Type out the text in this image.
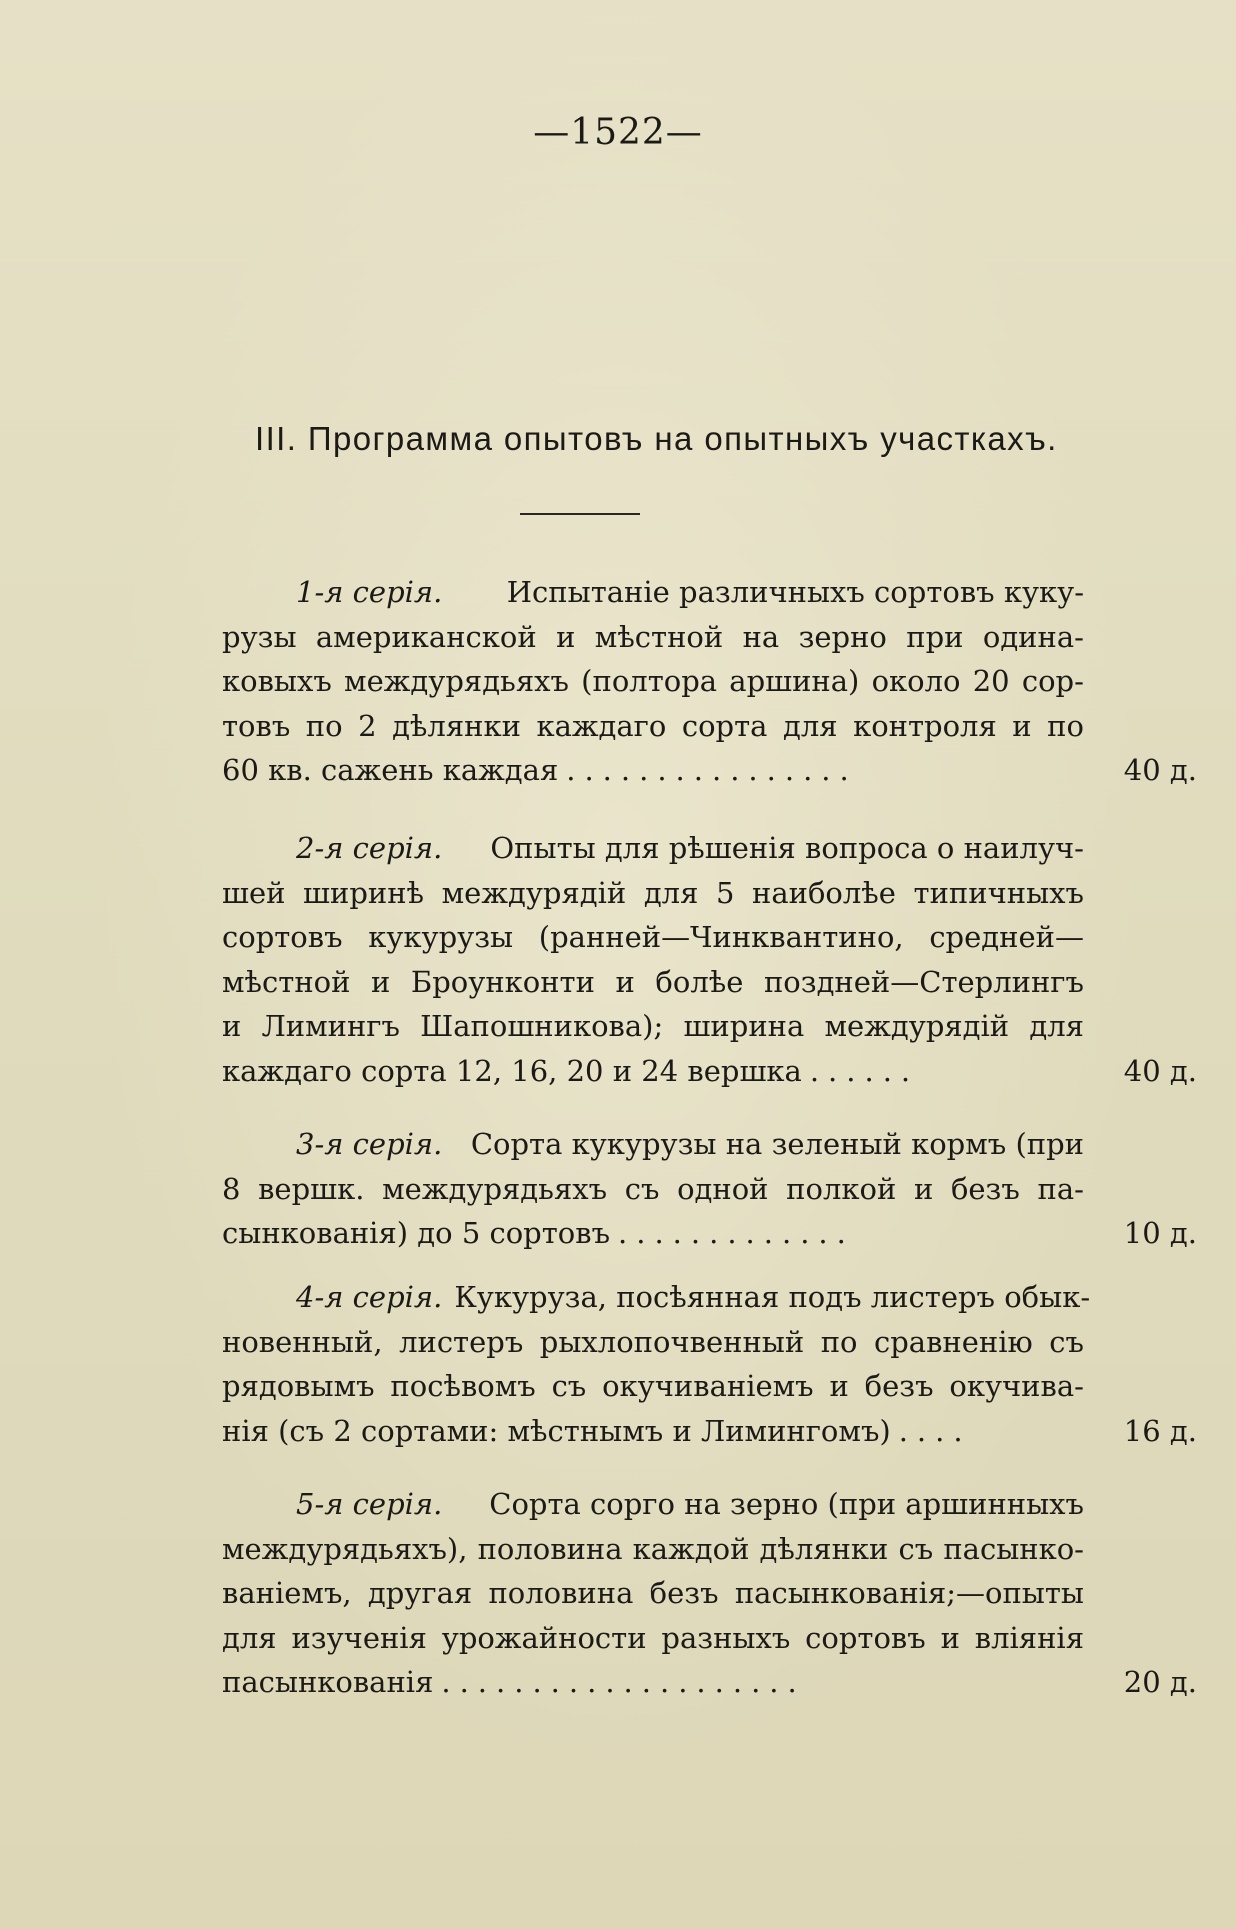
—1522—
III. Программа опытовъ на опытныхъ участкахъ.
1-я серія. Испытаніе различныхъ сортовъ куку-
рузы американской и мѣстной на зерно при одина-
ковыхъ междурядьяхъ (полтора аршина) около 20 сор-
товъ по 2 дѣлянки каждаго сорта для контроля и по
60 кв. сажень каждая ................	40 д.
2-я серія. Опыты для рѣшенія вопроса о наилуч-
шей ширинѣ междурядій для 5 наиболѣе типичныхъ
сортовъ кукурузы (ранней—Чинквантино, средней—
мѣстной и Броунконти и болѣе поздней—Стерлингъ
и Лимингъ Шапошникова); ширина междурядій для
каждаго сорта 12, 16, 20 и 24 вершка ......	40 д.
3-я серія. Сорта кукурузы на зеленый кормъ (при
8 вершк. междурядьяхъ съ одной полкой и безъ па-
сынкованія) до 5 сортовъ .............	10 д.
4-я серія. Кукуруза, посѣянная подъ листеръ обык-
новенный, листеръ рыхлопочвенный по сравненію съ
рядовымъ посѣвомъ съ окучиваніемъ и безъ окучива-
нія (съ 2 сортами: мѣстнымъ и Лимингомъ) ....	16 д.
5-я серія. Сорта сорго на зерно (при аршинныхъ
междурядьяхъ), половина каждой дѣлянки съ пасынко-
ваніемъ, другая половина безъ пасынкованія;—опыты
для изученія урожайности разныхъ сортовъ и вліянія
пасынкованія ....................	20 д.
